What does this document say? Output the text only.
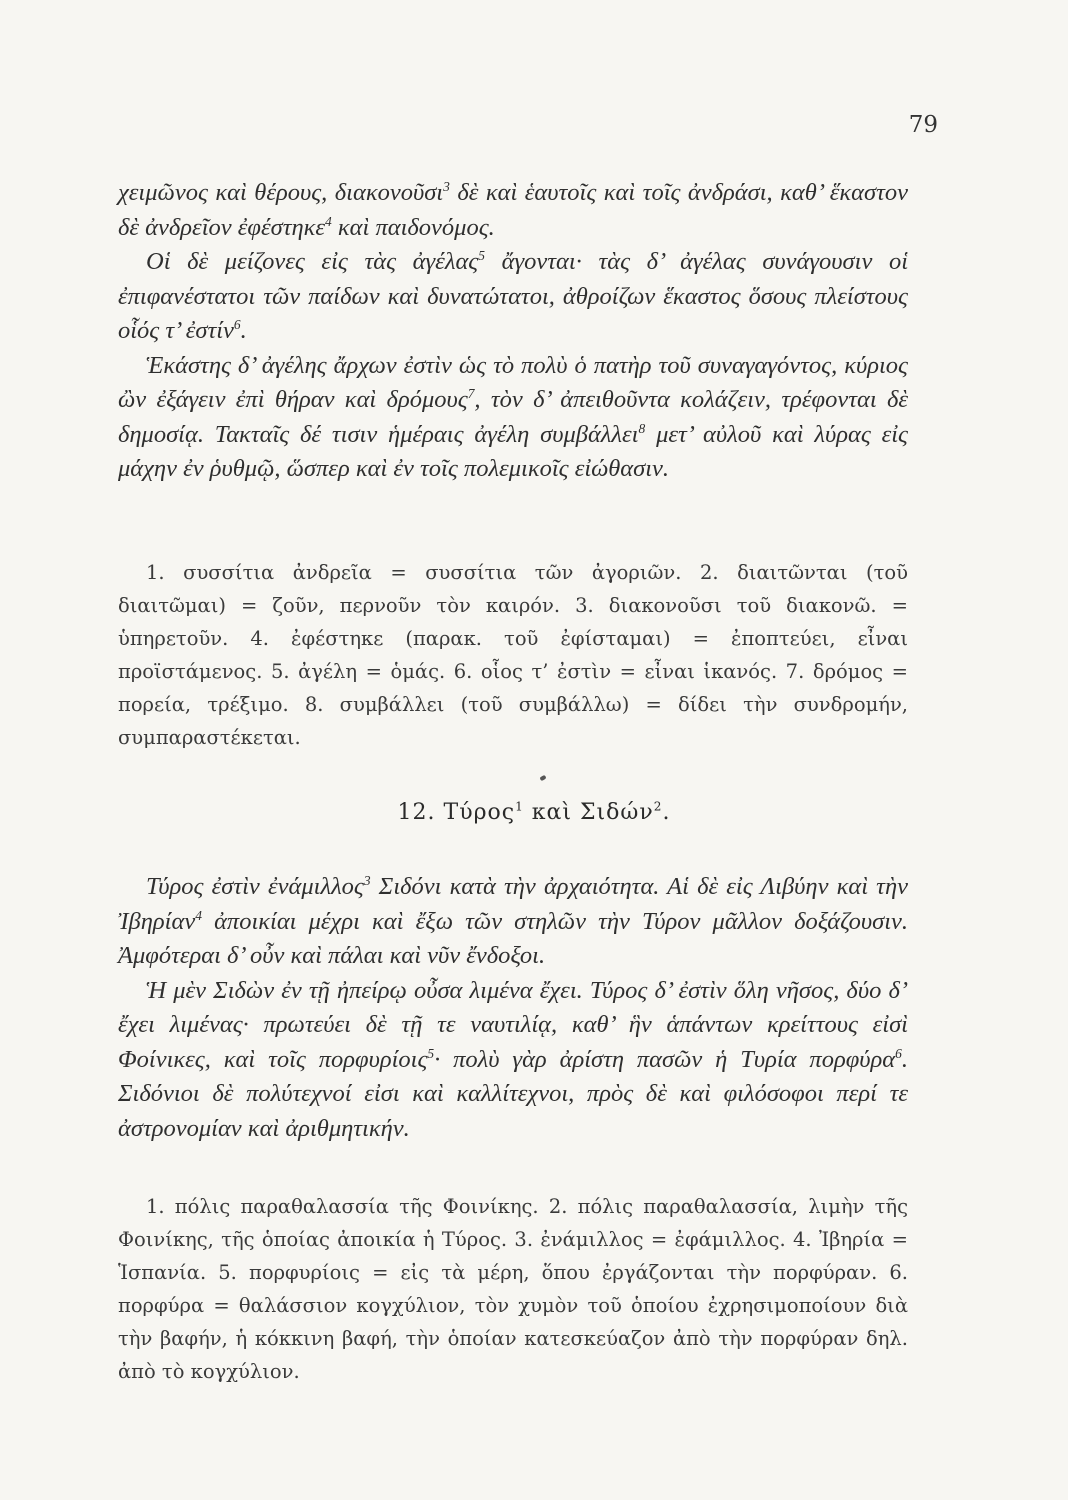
79

χειμῶνος καὶ θέρους, διακονοῦσι$^3$ δὲ καὶ ἑαυτοῖς καὶ τοῖς ἀνδράσι, καθ’ ἕκαστον δὲ ἀνδρεῖον ἐφέστηκε$^4$ καὶ παιδονόμος.

Οἱ δὲ μείζονες εἰς τὰς ἀγέλας$^5$ ἄγονται· τὰς δ’ ἀγέλας συνάγουσιν οἱ ἐπιφανέστατοι τῶν παίδων καὶ δυνατώτατοι, ἀθροίζων ἕκαστος ὅσους πλείστους οἷός τ’ ἐστίν$^6$.

Ἑκάστης δ’ ἀγέλης ἄρχων ἐστὶν ὡς τὸ πολὺ ὁ πατὴρ τοῦ συναγαγόντος, κύριος ὢν ἐξάγειν ἐπὶ θήραν καὶ δρόμους$^7$, τὸν δ’ ἀπειθοῦντα κολάζειν, τρέφονται δὲ δημοσίᾳ. Τακταῖς δέ τισιν ἡμέραις ἀγέλη συμβάλλει$^8$ μετ’ αὐλοῦ καὶ λύρας εἰς μάχην ἐν ῥυθμῷ, ὥσπερ καὶ ἐν τοῖς πολεμικοῖς εἰώθασιν.

1. συσσίτια ἀνδρεῖα = συσσίτια τῶν ἀγοριῶν. 2. διαιτῶνται (τοῦ διαιτῶμαι) = ζοῦν, περνοῦν τὸν καιρόν. 3. διακονοῦσι τοῦ διακονῶ. = ὑπηρετοῦν. 4. ἐφέστηκε (παρακ. τοῦ ἐφίσταμαι) = ἐποπτεύει, εἶναι προϊστάμενος. 5. ἀγέλη = ὁμάς. 6. οἷος τ’ ἐστὶν = εἶναι ἱκανός. 7. δρόμος = πορεία, τρέξιμο. 8. συμβάλλει (τοῦ συμβάλλω) = δίδει τὴν συνδρομήν, συμπαραστέκεται.

12. Τύρος$^1$ καὶ Σιδών$^2$.

Τύρος ἐστὶν ἐνάμιλλος$^3$ Σιδόνι κατὰ τὴν ἀρχαιότητα. Αἱ δὲ εἰς Λιβύην καὶ τὴν Ἰβηρίαν$^4$ ἀποικίαι μέχρι καὶ ἔξω τῶν στηλῶν τὴν Τύρον μᾶλλον δοξάζουσιν. Ἀμφότεραι δ’ οὖν καὶ πάλαι καὶ νῦν ἔνδοξοι.

Ἡ μὲν Σιδὼν ἐν τῇ ἠπείρῳ οὖσα λιμένα ἔχει. Τύρος δ’ ἐστὶν ὅλη νῆσος, δύο δ’ ἔχει λιμένας· πρωτεύει δὲ τῇ τε ναυτιλίᾳ, καθ’ ἣν ἁπάντων κρείττους εἰσὶ Φοίνικες, καὶ τοῖς πορφυρίοις$^5$· πολὺ γὰρ ἀρίστη πασῶν ἡ Τυρία πορφύρα$^6$. Σιδόνιοι δὲ πολύτεχνοί εἰσι καὶ καλλίτεχνοι, πρὸς δὲ καὶ φιλόσοφοι περί τε ἀστρονομίαν καὶ ἀριθμητικήν.

1. πόλις παραθαλασσία τῆς Φοινίκης. 2. πόλις παραθαλασσία, λιμὴν τῆς Φοινίκης, τῆς ὁποίας ἀποικία ἡ Τύρος. 3. ἐνάμιλλος = ἐφάμιλλος. 4. Ἰβηρία = Ἱσπανία. 5. πορφυρίοις = εἰς τὰ μέρη, ὅπου ἐργάζονται τὴν πορφύραν. 6. πορφύρα = θαλάσσιον κογχύλιον, τὸν χυμὸν τοῦ ὁποίου ἐχρησιμοποίουν διὰ τὴν βαφήν, ἡ κόκκινη βαφή, τὴν ὁποίαν κατεσκεύαζον ἀπὸ τὴν πορφύραν δηλ. ἀπὸ τὸ κογχύλιον.
